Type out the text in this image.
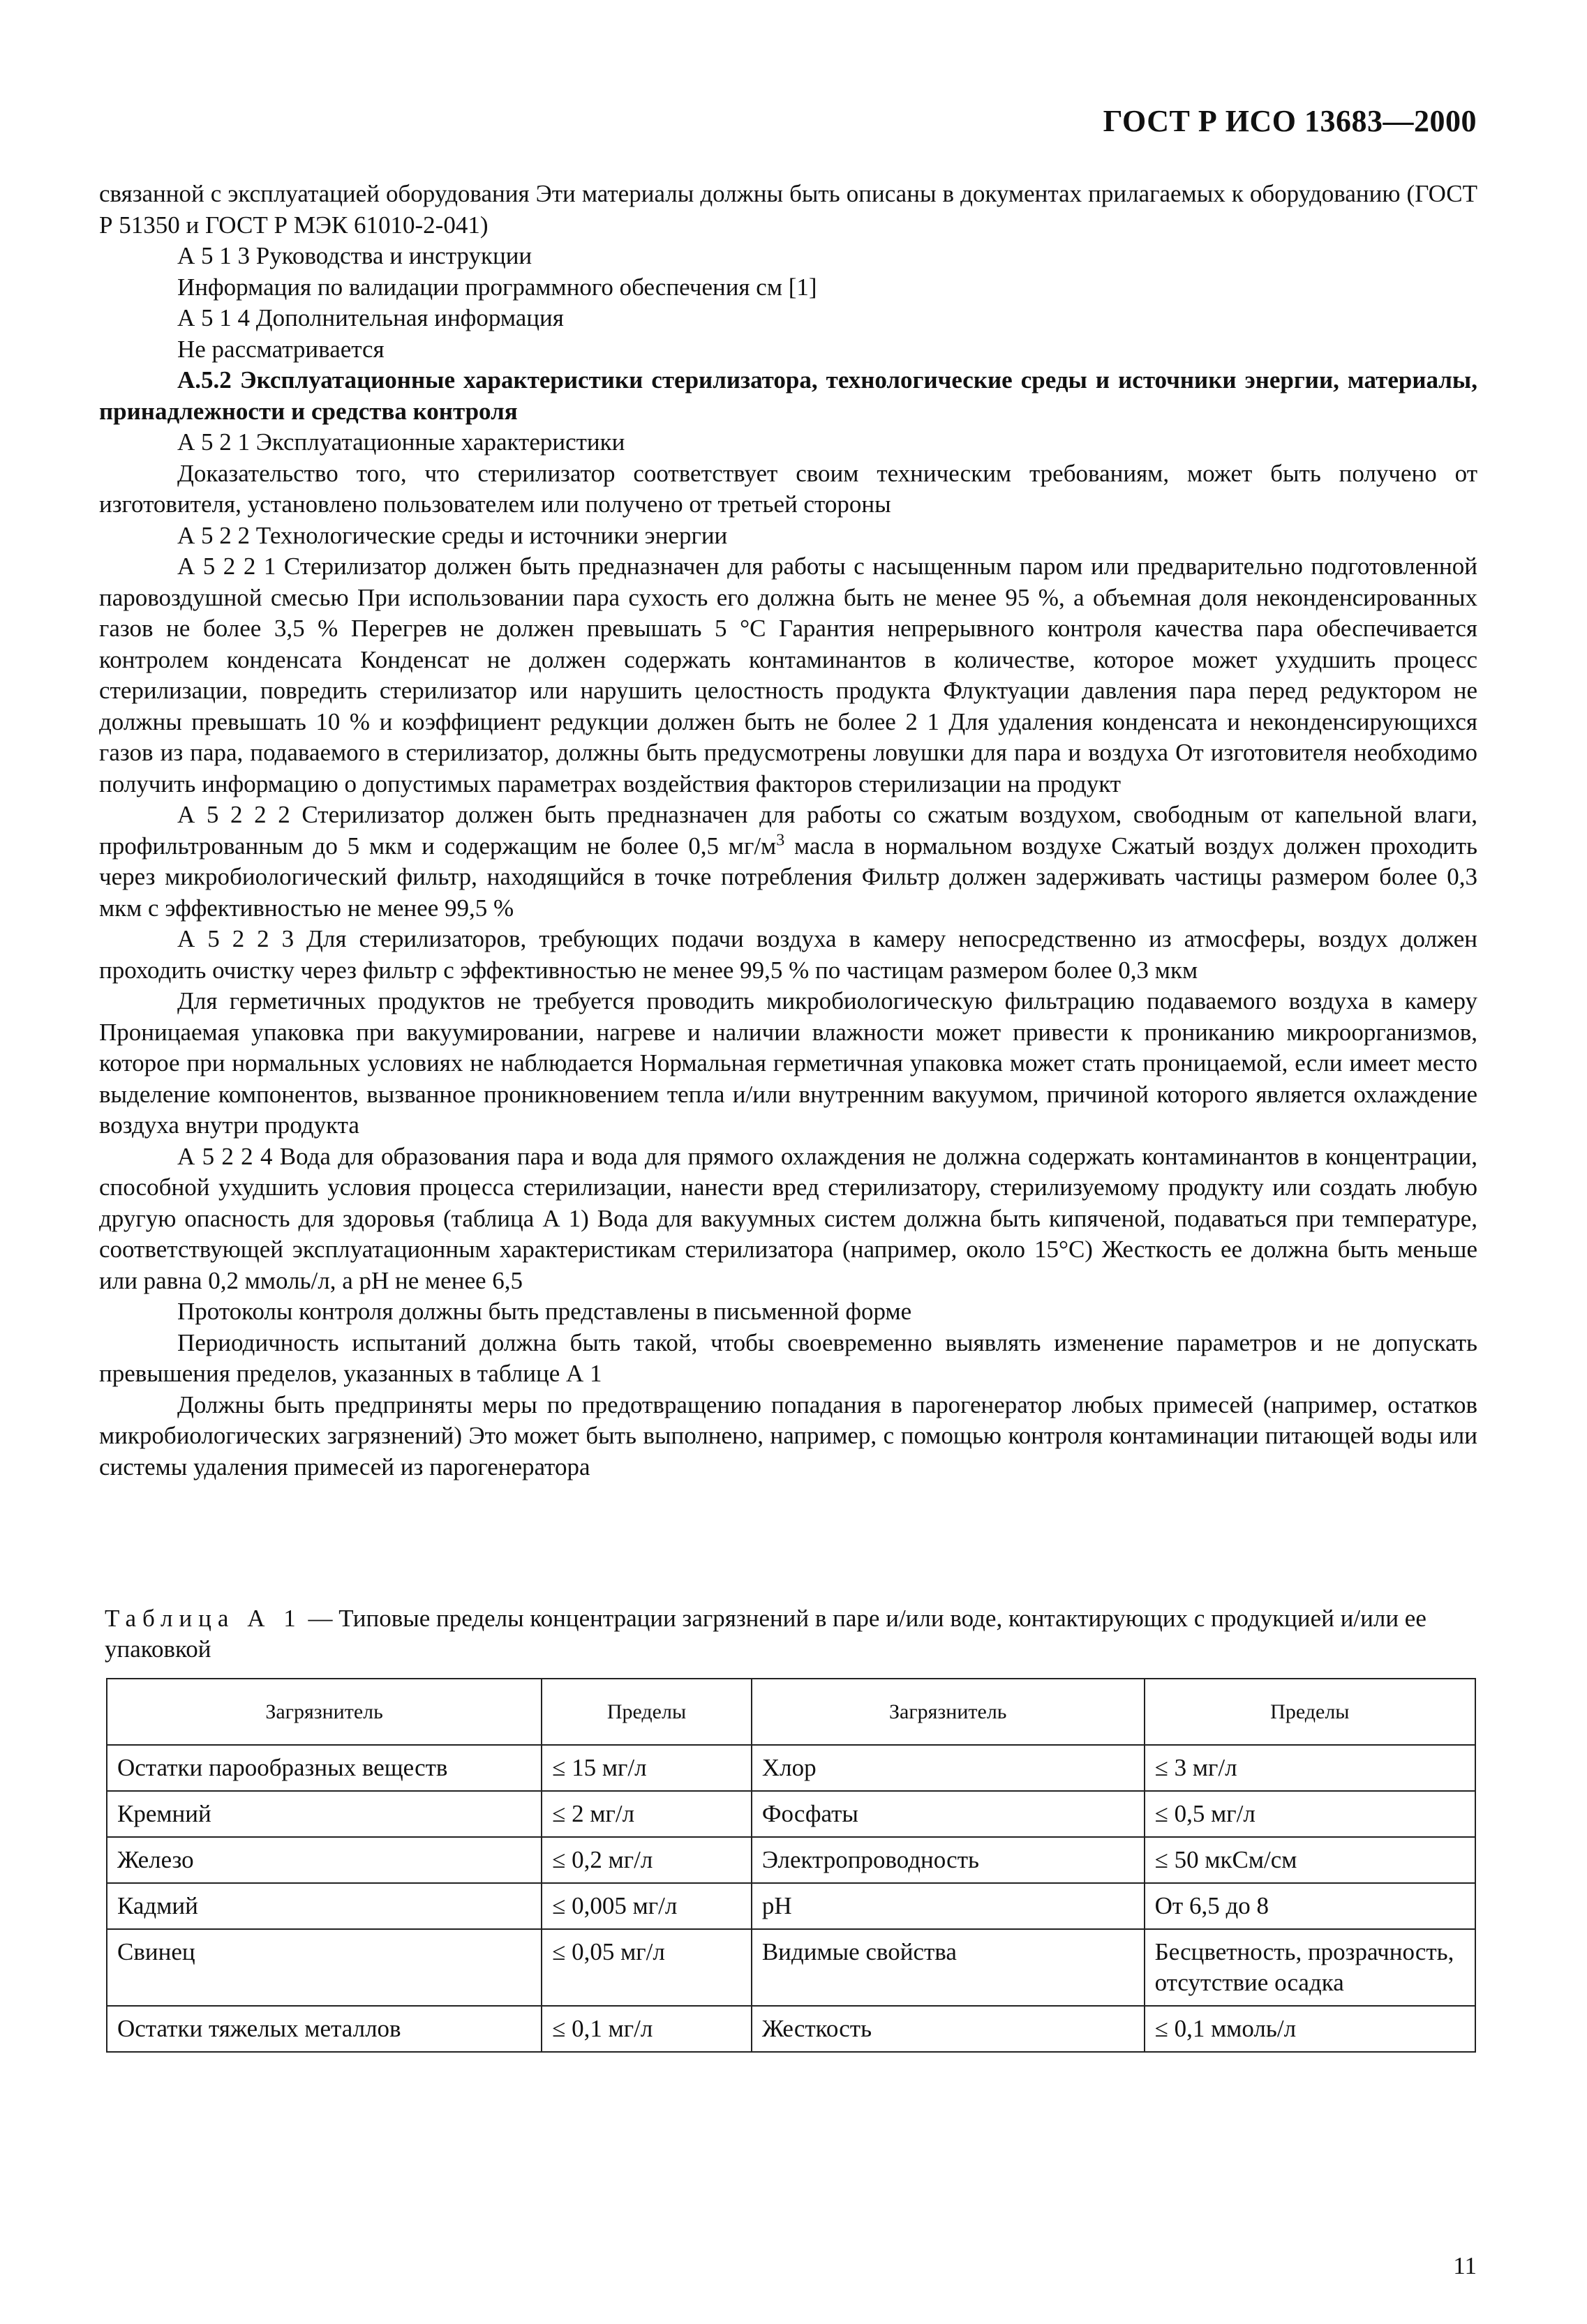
ГОСТ Р ИСО 13683—2000

связанной с эксплуатацией оборудования Эти материалы должны быть описаны в документах прилагаемых к оборудованию (ГОСТ Р 51350 и ГОСТ Р МЭК 61010-2-041)

А 5 1 3 Руководства и инструкции

Информация по валидации программного обеспечения см [1]

А 5 1 4 Дополнительная информация

Не рассматривается

А.5.2 Эксплуатационные характеристики стерилизатора, технологические среды и источники энергии, материалы, принадлежности и средства контроля

А 5 2 1 Эксплуатационные характеристики

Доказательство того, что стерилизатор соответствует своим техническим требованиям, может быть получено от изготовителя, установлено пользователем или получено от третьей стороны

А 5 2 2 Технологические среды и источники энергии

А 5 2 2 1 Стерилизатор должен быть предназначен для работы с насыщенным паром или предварительно подготовленной паровоздушной смесью При использовании пара сухость его должна быть не менее 95 %, а объемная доля неконденсированных газов не более 3,5 % Перегрев не должен превышать 5 °С Гарантия непрерывного контроля качества пара обеспечивается контролем конденсата Конденсат не должен содержать контаминантов в количестве, которое может ухудшить процесс стерилизации, повредить стерилизатор или нарушить целостность продукта Флуктуации давления пара перед редуктором не должны превышать 10 % и коэффициент редукции должен быть не более 2 1 Для удаления конденсата и неконденсирующихся газов из пара, подаваемого в стерилизатор, должны быть предусмотрены ловушки для пара и воздуха От изготовителя необходимо получить информацию о допустимых параметрах воздействия факторов стерилизации на продукт

А 5 2 2 2 Стерилизатор должен быть предназначен для работы со сжатым воздухом, свободным от капельной влаги, профильтрованным до 5 мкм и содержащим не более 0,5 $мг/м^3$ масла в нормальном воздухе Сжатый воздух должен проходить через микробиологический фильтр, находящийся в точке потребления Фильтр должен задерживать частицы размером более 0,3 мкм с эффективностью не менее 99,5 %

А 5 2 2 3 Для стерилизаторов, требующих подачи воздуха в камеру непосредственно из атмосферы, воздух должен проходить очистку через фильтр с эффективностью не менее 99,5 % по частицам размером более 0,3 мкм

Для герметичных продуктов не требуется проводить микробиологическую фильтрацию подаваемого воздуха в камеру Проницаемая упаковка при вакуумировании, нагреве и наличии влажности может привести к прониканию микроорганизмов, которое при нормальных условиях не наблюдается Нормальная герметичная упаковка может стать проницаемой, если имеет место выделение компонентов, вызванное проникновением тепла и/или внутренним вакуумом, причиной которого является охлаждение воздуха внутри продукта

А 5 2 2 4 Вода для образования пара и вода для прямого охлаждения не должна содержать контаминантов в концентрации, способной ухудшить условия процесса стерилизации, нанести вред стерилизатору, стерилизуемому продукту или создать любую другую опасность для здоровья (таблица А 1) Вода для вакуумных систем должна быть кипяченой, подаваться при температуре, соответствующей эксплуатационным характеристикам стерилизатора (например, около 15°С) Жесткость ее должна быть меньше или равна 0,2 ммоль/л, а рН не менее 6,5

Протоколы контроля должны быть представлены в письменной форме

Периодичность испытаний должна быть такой, чтобы своевременно выявлять изменение параметров и не допускать превышения пределов, указанных в таблице А 1

Должны быть предприняты меры по предотвращению попадания в парогенератор любых примесей (например, остатков микробиологических загрязнений) Это может быть выполнено, например, с помощью контроля контаминации питающей воды или системы удаления примесей из парогенератора

Таблица А 1 — Типовые пределы концентрации загрязнений в паре и/или воде, контактирующих с продукцией и/или ее упаковкой
Загрязнитель	Пределы	Загрязнитель	Пределы
Остатки парообразных веществ	≤ 15 мг/л	Хлор	≤ 3 мг/л
Кремний	≤ 2 мг/л	Фосфаты	≤ 0,5 мг/л
Железо	≤ 0,2 мг/л	Электропроводность	≤ 50 мкСм/см
Кадмий	≤ 0,005 мг/л	рН	От 6,5 до 8
Свинец	≤ 0,05 мг/л	Видимые свойства	Бесцветность, прозрачность, отсутствие осадка
Остатки тяжелых металлов	≤ 0,1 мг/л	Жесткость	≤ 0,1 ммоль/л
11
